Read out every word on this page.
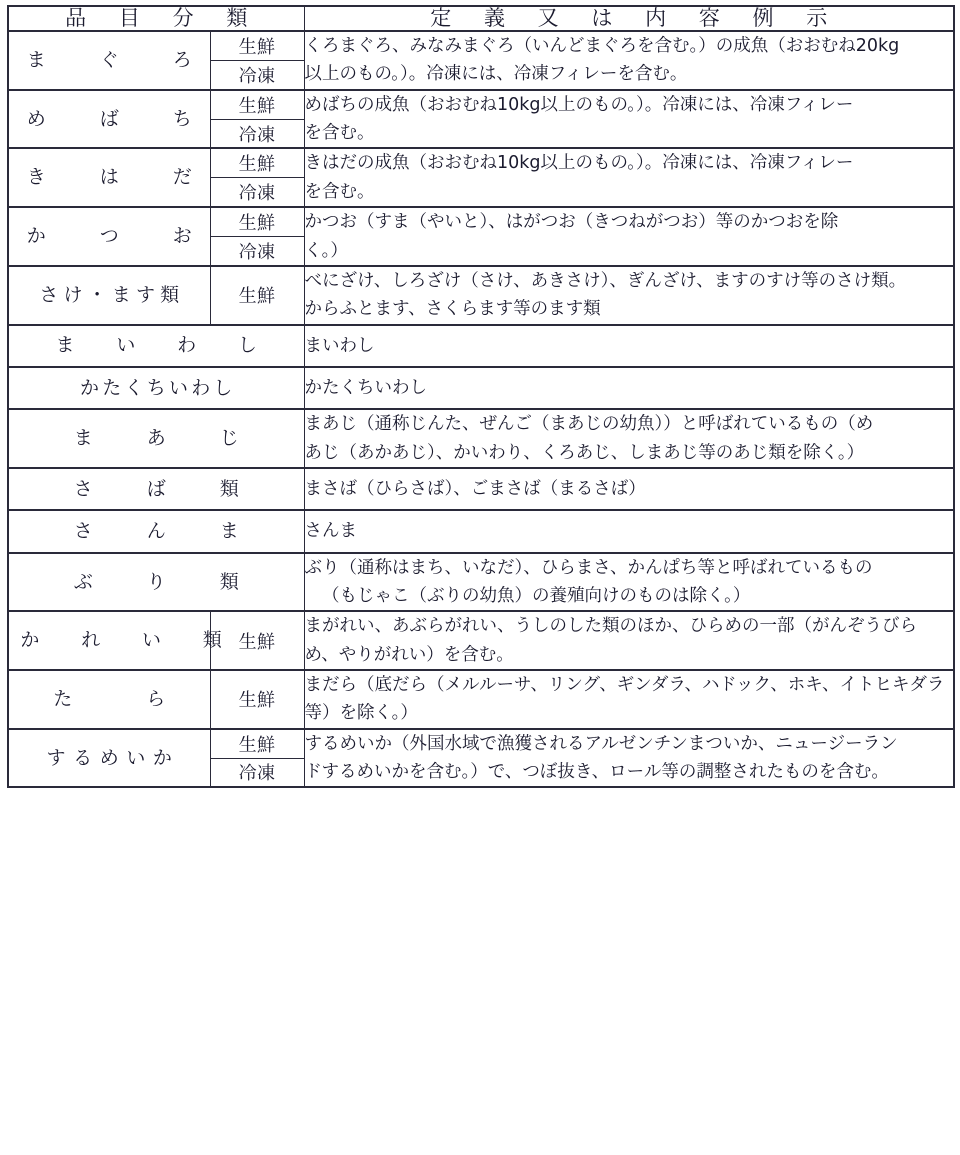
品 目 分 類		定 義 又 は 内 容 例 示

ま　ぐ　ろ	生鮮	くろまぐろ、みなみまぐろ（いんどまぐろを含む。）の成魚（おおむね20kg
以上のもの。）。冷凍には、冷凍フィレーを含む。

	冷凍	

め　ば　ち	生鮮	めばちの成魚（おおむね10kg以上のもの。）。冷凍には、冷凍フィレー
を含む。

	冷凍	

き　は　だ	生鮮	きはだの成魚（おおむね10kg以上のもの。）。冷凍には、冷凍フィレー
を含む。

	冷凍	

か　つ　お	生鮮	かつお（すま（やいと）、はがつお（きつねがつお）等のかつおを除
く。）

	冷凍	

さけ・ます類	生鮮	べにざけ、しろざけ（さけ、あきさけ）、ぎんざけ、ますのすけ等のさけ類。
からふとます、さくらます等のます類

ま　い　わ　し		まいわし

かたくちいわし		かたくちいわし

ま　あ　じ		まあじ（通称じんた、ぜんご（まあじの幼魚））と呼ばれているもの（め
あじ（あかあじ）、かいわり、くろあじ、しまあじ等のあじ類を除く。）

さ　ば　類		まさば（ひらさば）、ごまさば（まるさば）

さ　ん　ま		さんま

ぶ　り　類		ぶり（通称はまち、いなだ）、ひらまさ、かんぱち等と呼ばれているもの
（もじゃこ（ぶりの幼魚）の養殖向けのものは除く。）

か　れ　い　類	生鮮	まがれい、あぶらがれい、うしのした類のほか、ひらめの一部（がんぞうびら
め、やりがれい）を含む。

た　ら	生鮮	まだら（底だら（メルルーサ、リング、ギンダラ、ハドック、ホキ、イトヒキダラ
等）を除く。）

するめいか	生鮮	するめいか（外国水域で漁獲されるアルゼンチンまついか、ニュージーラン
ドするめいかを含む。）で、つぼ抜き、ロール等の調整されたものを含む。

	冷凍	
